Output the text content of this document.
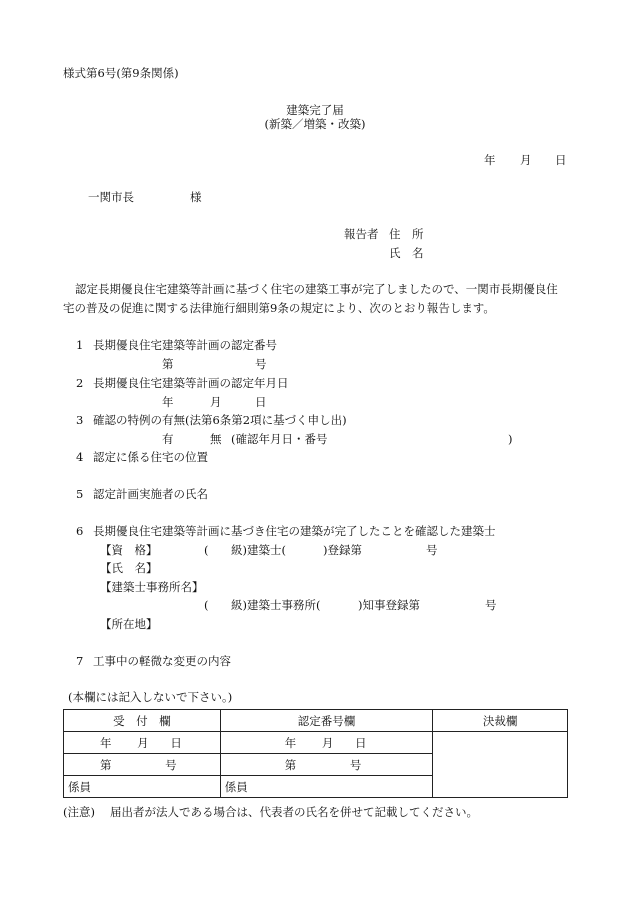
様式第6号(第9条関係)
建築完了届
(新築／増築・改築)
年 月 日
一関市長	様
報告者 住　所
氏　名
認定長期優良住宅建築等計画に基づく住宅の建築工事が完了しましたので、一関市長期優良住
宅の普及の促進に関する法律施行細則第9条の規定により、次のとおり報告します。
1 長期優良住宅建築等計画の認定番号
第	号
2 長期優良住宅建築等計画の認定年月日
年	月	日
3 確認の特例の有無(法第6条第2項に基づく申し出)
有	無 (確認年月日・番号	)
4 認定に係る住宅の位置
5 認定計画実施者の氏名
6 長期優良住宅建築等計画に基づき住宅の建築が完了したことを確認した建築士
【資　格】	( 級)建築士(	)登録第	号
【氏　名】
【建築士事務所名】
( 級)建築士事務所(	)知事登録第	号
【所在地】
7 工事中の軽微な変更の内容
(本欄には記入しないで下さい。)
受　付　欄	認定番号欄	決裁欄
年 月 日	年 月 日	
第 号	第 号	
係員	係員	
(注意) 届出者が法人である場合は、代表者の氏名を併せて記載してください。
